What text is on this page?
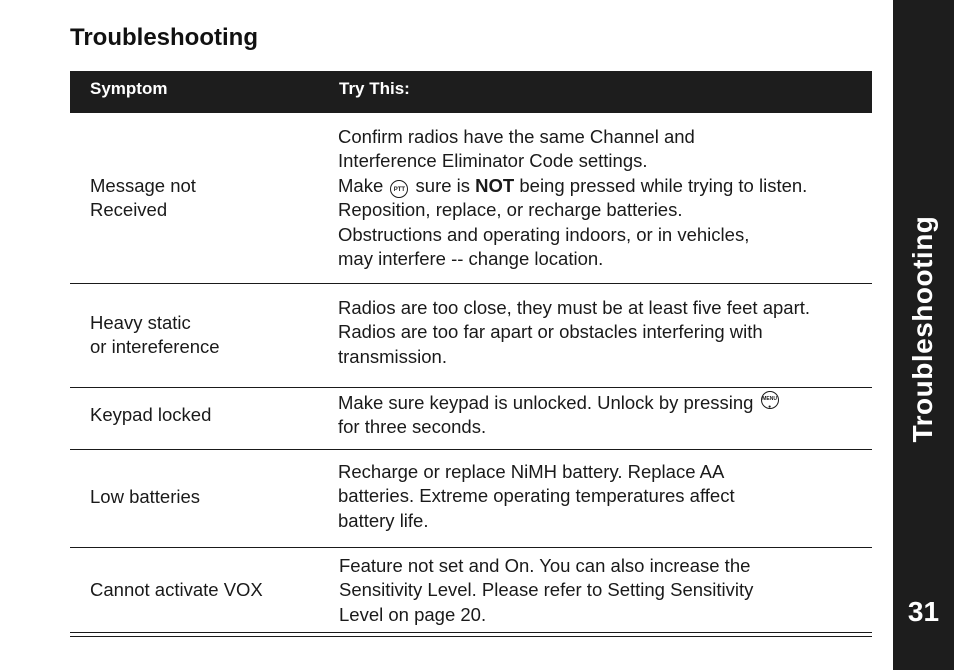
Troubleshooting
Symptom	Try This:
Message not
Received
Confirm radios have the same Channel and
Interference Eliminator Code settings.
Make PTT sure is NOT being pressed while trying to listen.
Reposition, replace, or recharge batteries.
Obstructions and operating indoors, or in vehicles,
may interfere -- change location.
Heavy static
or intereference
Radios are too close, they must be at least five feet apart.
Radios are too far apart or obstacles interfering with
transmission.
Keypad locked
Make sure keypad is unlocked. Unlock by pressing MENU
●
for three seconds.
Low batteries
Recharge or replace NiMH battery. Replace AA
batteries. Extreme operating temperatures affect
battery life.
Cannot activate VOX
Feature not set and On. You can also increase the
Sensitivity Level. Please refer to Setting Sensitivity
Level on page 20.
Troubleshooting
31
